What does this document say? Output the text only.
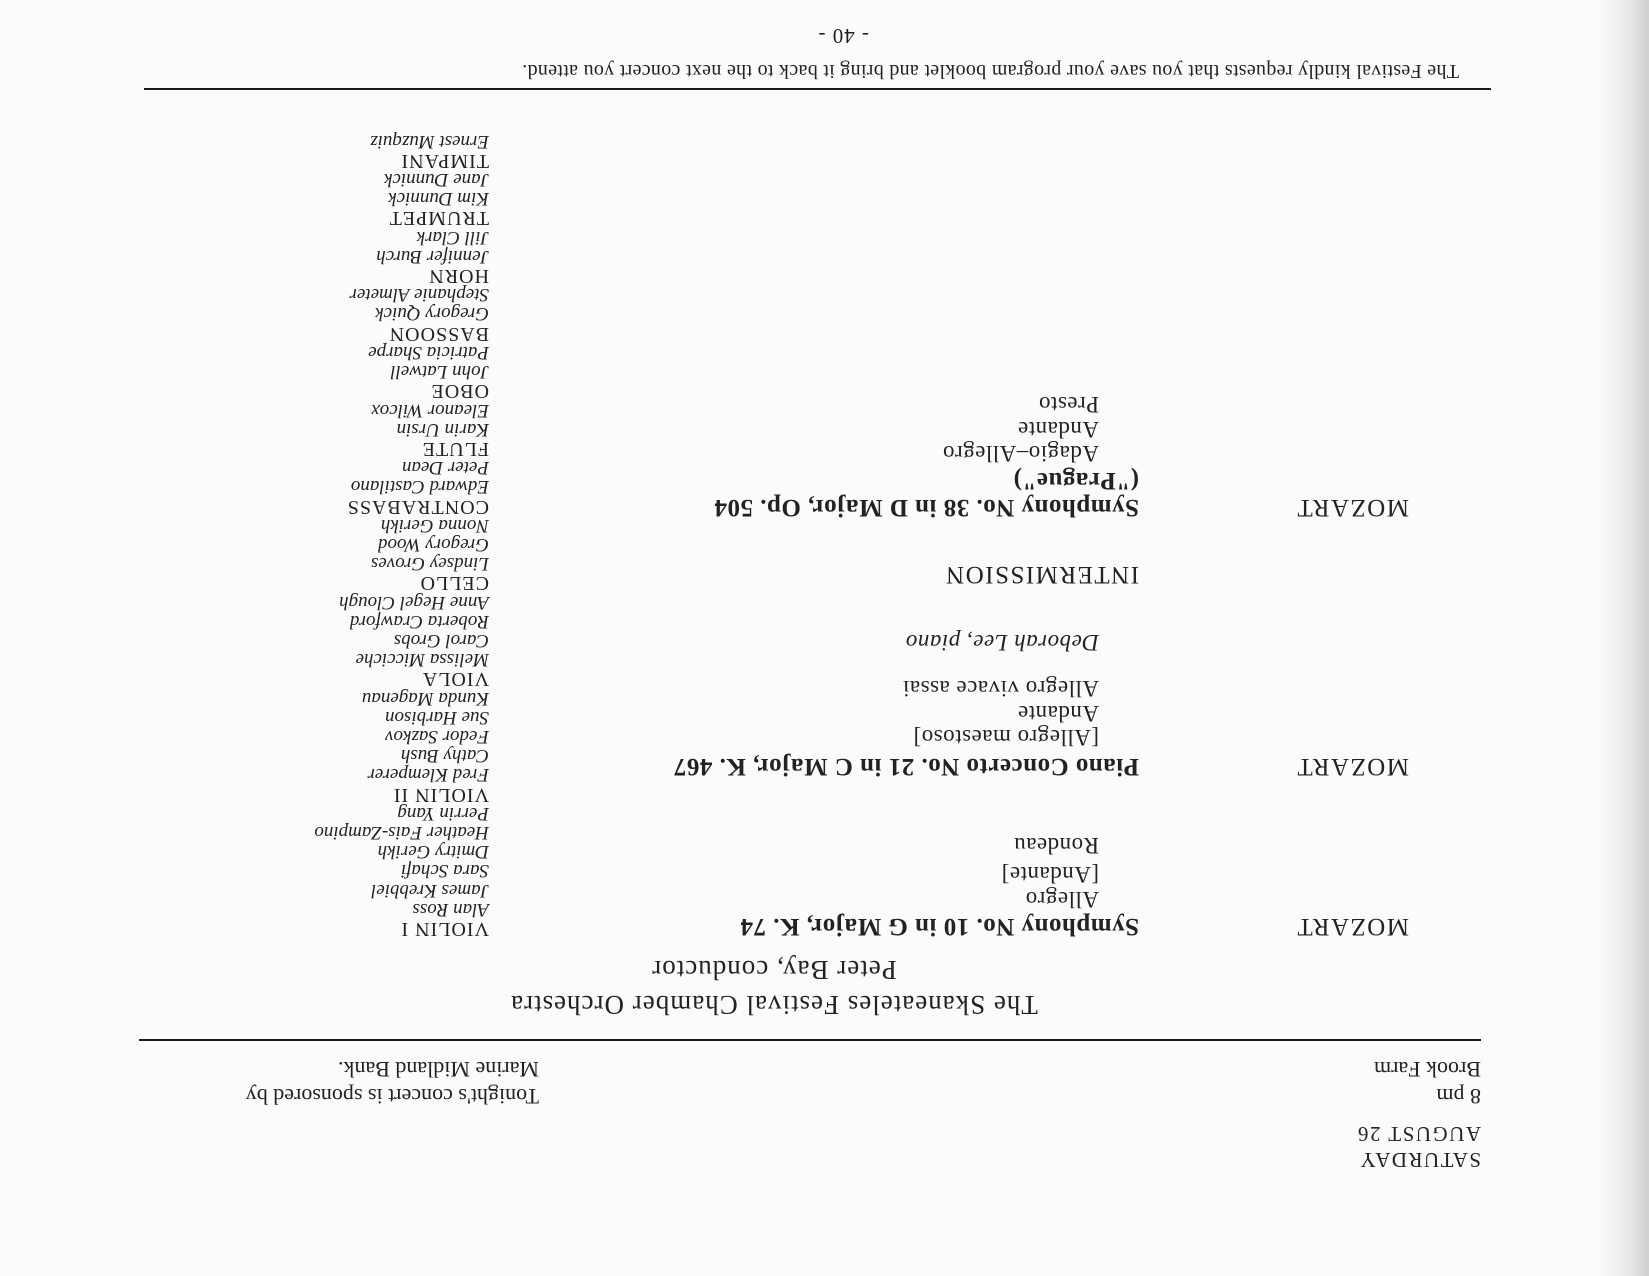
SATURDAY
AUGUST 26
8 pm
Brook Farm
Tonight's concert is sponsored by
Marine Midland Bank.
The Skaneateles Festival Chamber Orchestra
Peter Bay, conductor
MOZART
Symphony No. 10 in G Major, K. 74
Allegro
[Andante]
Rondeau
MOZART
Piano Concerto No. 21 in C Major, K. 467
[Allegro maestoso]
Andante
Allegro vivace assai
Deborah Lee, piano
INTERMISSION
MOZART
Symphony No. 38 in D Major, Op. 504
("Prague")
Adagio–Allegro
Andante
Presto
VIOLIN I
Alan Ross
James Krebbiel
Sara Schafi
Dmitry Gerikh
Heather Fais-Zampino
Perrin Yang
VIOLIN II
Fred Klemperer
Cathy Bush
Fedor Sazkov
Sue Harbison
Kunda Magenau
VIOLA
Melissa Micciche
Carol Grobs
Roberta Crawford
Anne Hegel Clough
CELLO
Lindsey Groves
Gregory Wood
Nonna Gerikh
CONTRABASS
Edward Castilano
Peter Dean
FLUTE
Karin Ursin
Eleanor Wilcox
OBOE
John Latwell
Patricia Sharpe
BASSOON
Gregory Quick
Stephanie Almeter
HORN
Jennifer Burch
Jill Clark
TRUMPET
Kim Dunnick
Jane Dunnick
TIMPANI
Ernest Muzquiz
The Festival kindly requests that you save your program booklet and bring it back to the next concert you attend.
- 40 -
